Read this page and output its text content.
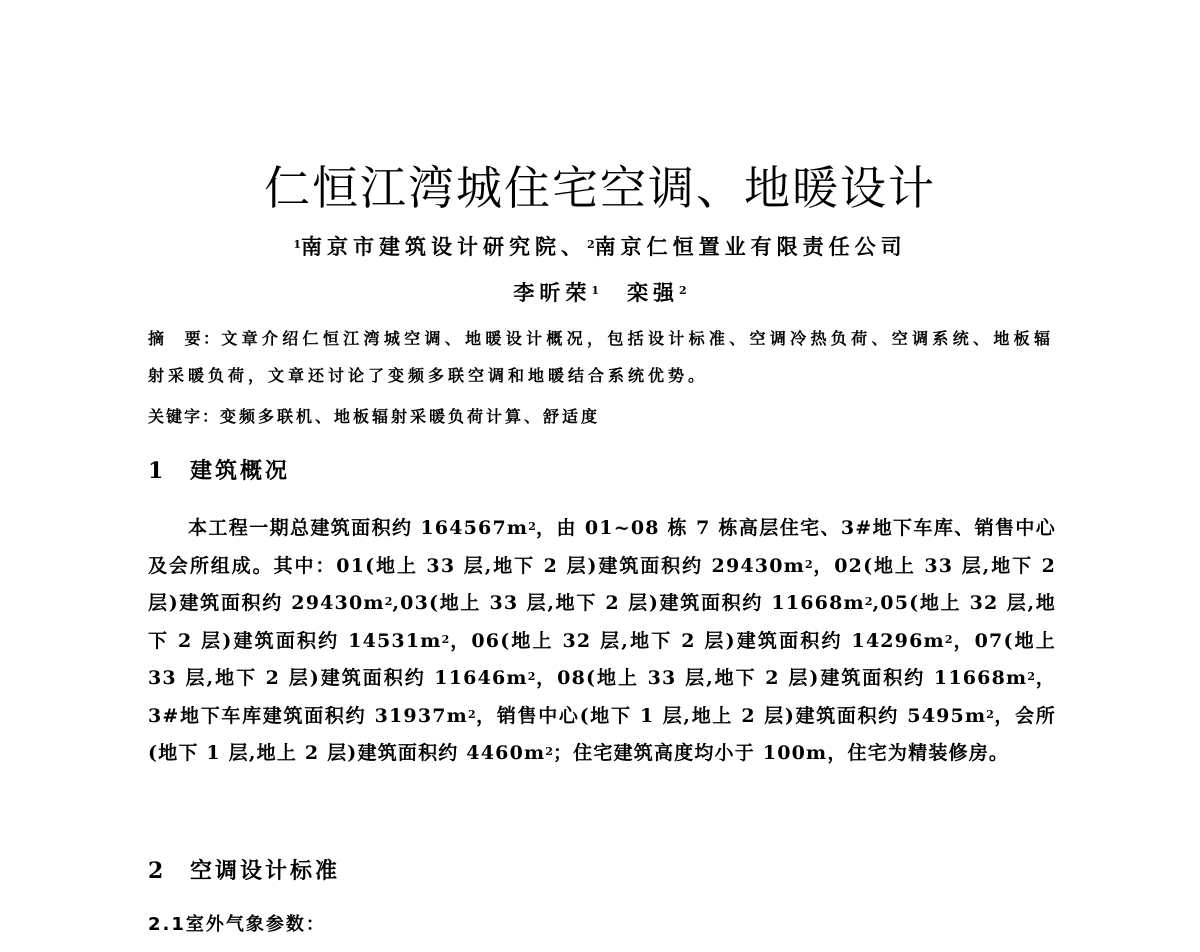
仁恒江湾城住宅空调、地暖设计
$^1$南京市建筑设计研究院、$^2$南京仁恒置业有限责任公司
李昕荣$^1$ 栾强$^2$
摘　要：文章介绍仁恒江湾城空调、地暖设计概况，包括设计标准、空调冷热负荷、空调系统、地板辐射采暖负荷，文章还讨论了变频多联空调和地暖结合系统优势。
关键字：变频多联机、地板辐射采暖负荷计算、舒适度
1 建筑概况
本工程一期总建筑面积约 $164567m^2$，由 01~08 栋 7 栋高层住宅、3#地下车库、销售中心及会所组成。其中：01(地上 33 层,地下 2 层)建筑面积约 $29430m^2$，02(地上 33 层,地下 2 层)建筑面积约 $29430m^2,03$(地上 33 层,地下 2 层)建筑面积约 $11668m^2,05$(地上 32 层,地下 2 层)建筑面积约 $14531m^2$，06(地上 32 层,地下 2 层)建筑面积约 $14296m^2$，07(地上 33 层,地下 2 层)建筑面积约 $11646m^2$，08(地上 33 层,地下 2 层)建筑面积约 $11668m^2$，3#地下车库建筑面积约 $31937m^2$，销售中心(地下 1 层,地上 2 层)建筑面积约 $5495m^2$，会所(地下 1 层,地上 2 层)建筑面积约 $4460m^2$；住宅建筑高度均小于 100m，住宅为精装修房。
2 空调设计标准
2.1室外气象参数：
